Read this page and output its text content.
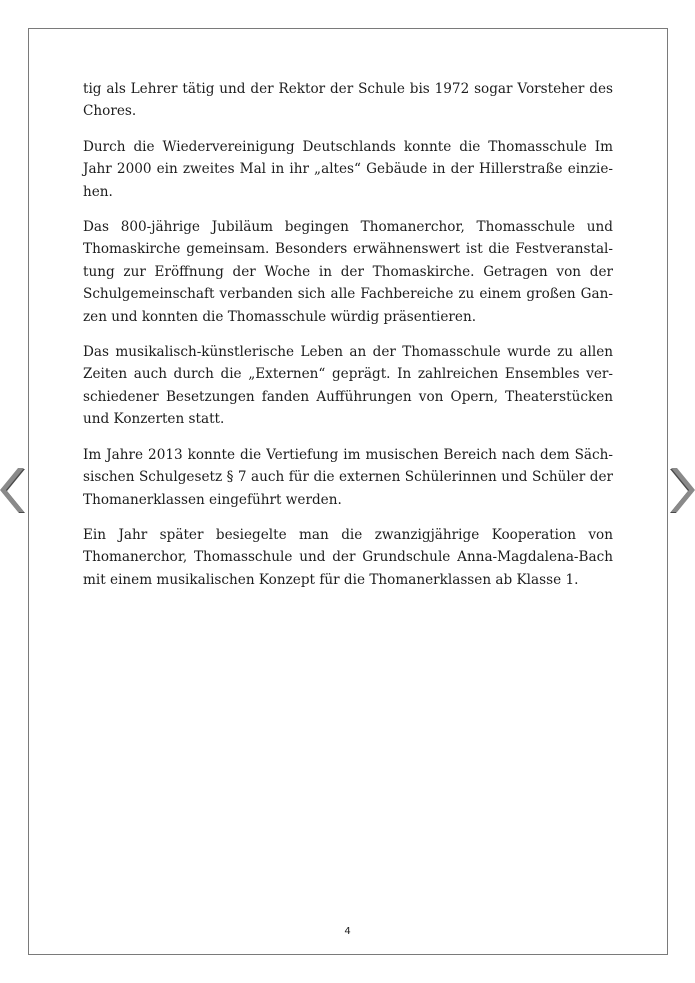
tig als Lehrer tätig und der Rektor der Schule bis 1972 sogar Vorsteher des Chores.

Durch die Wiedervereinigung Deutschlands konnte die Thomasschule Im Jahr 2000 ein zweites Mal in ihr „altes“ Gebäude in der Hillerstraße einzie-hen.

Das 800-jährige Jubiläum begingen Thomanerchor, Thomasschule und Thomaskirche gemeinsam. Besonders erwähnenswert ist die Festveranstal-tung zur Eröffnung der Woche in der Thomaskirche. Getragen von der Schulgemeinschaft verbanden sich alle Fachbereiche zu einem großen Gan-zen und konnten die Thomasschule würdig präsentieren.

Das musikalisch-künstlerische Leben an der Thomasschule wurde zu allen Zeiten auch durch die „Externen“ geprägt. In zahlreichen Ensembles ver-schiedener Besetzungen fanden Aufführungen von Opern, Theaterstücken und Konzerten statt.

Im Jahre 2013 konnte die Vertiefung im musischen Bereich nach dem Säch-sischen Schulgesetz § 7 auch für die externen Schülerinnen und Schüler der Thomanerklassen eingeführt werden.

Ein Jahr später besiegelte man die zwanzigjährige Kooperation von Thomanerchor, Thomasschule und der Grundschule Anna-Magdalena-Bach mit einem musikalischen Konzept für die Thomanerklassen ab Klasse 1.

4
